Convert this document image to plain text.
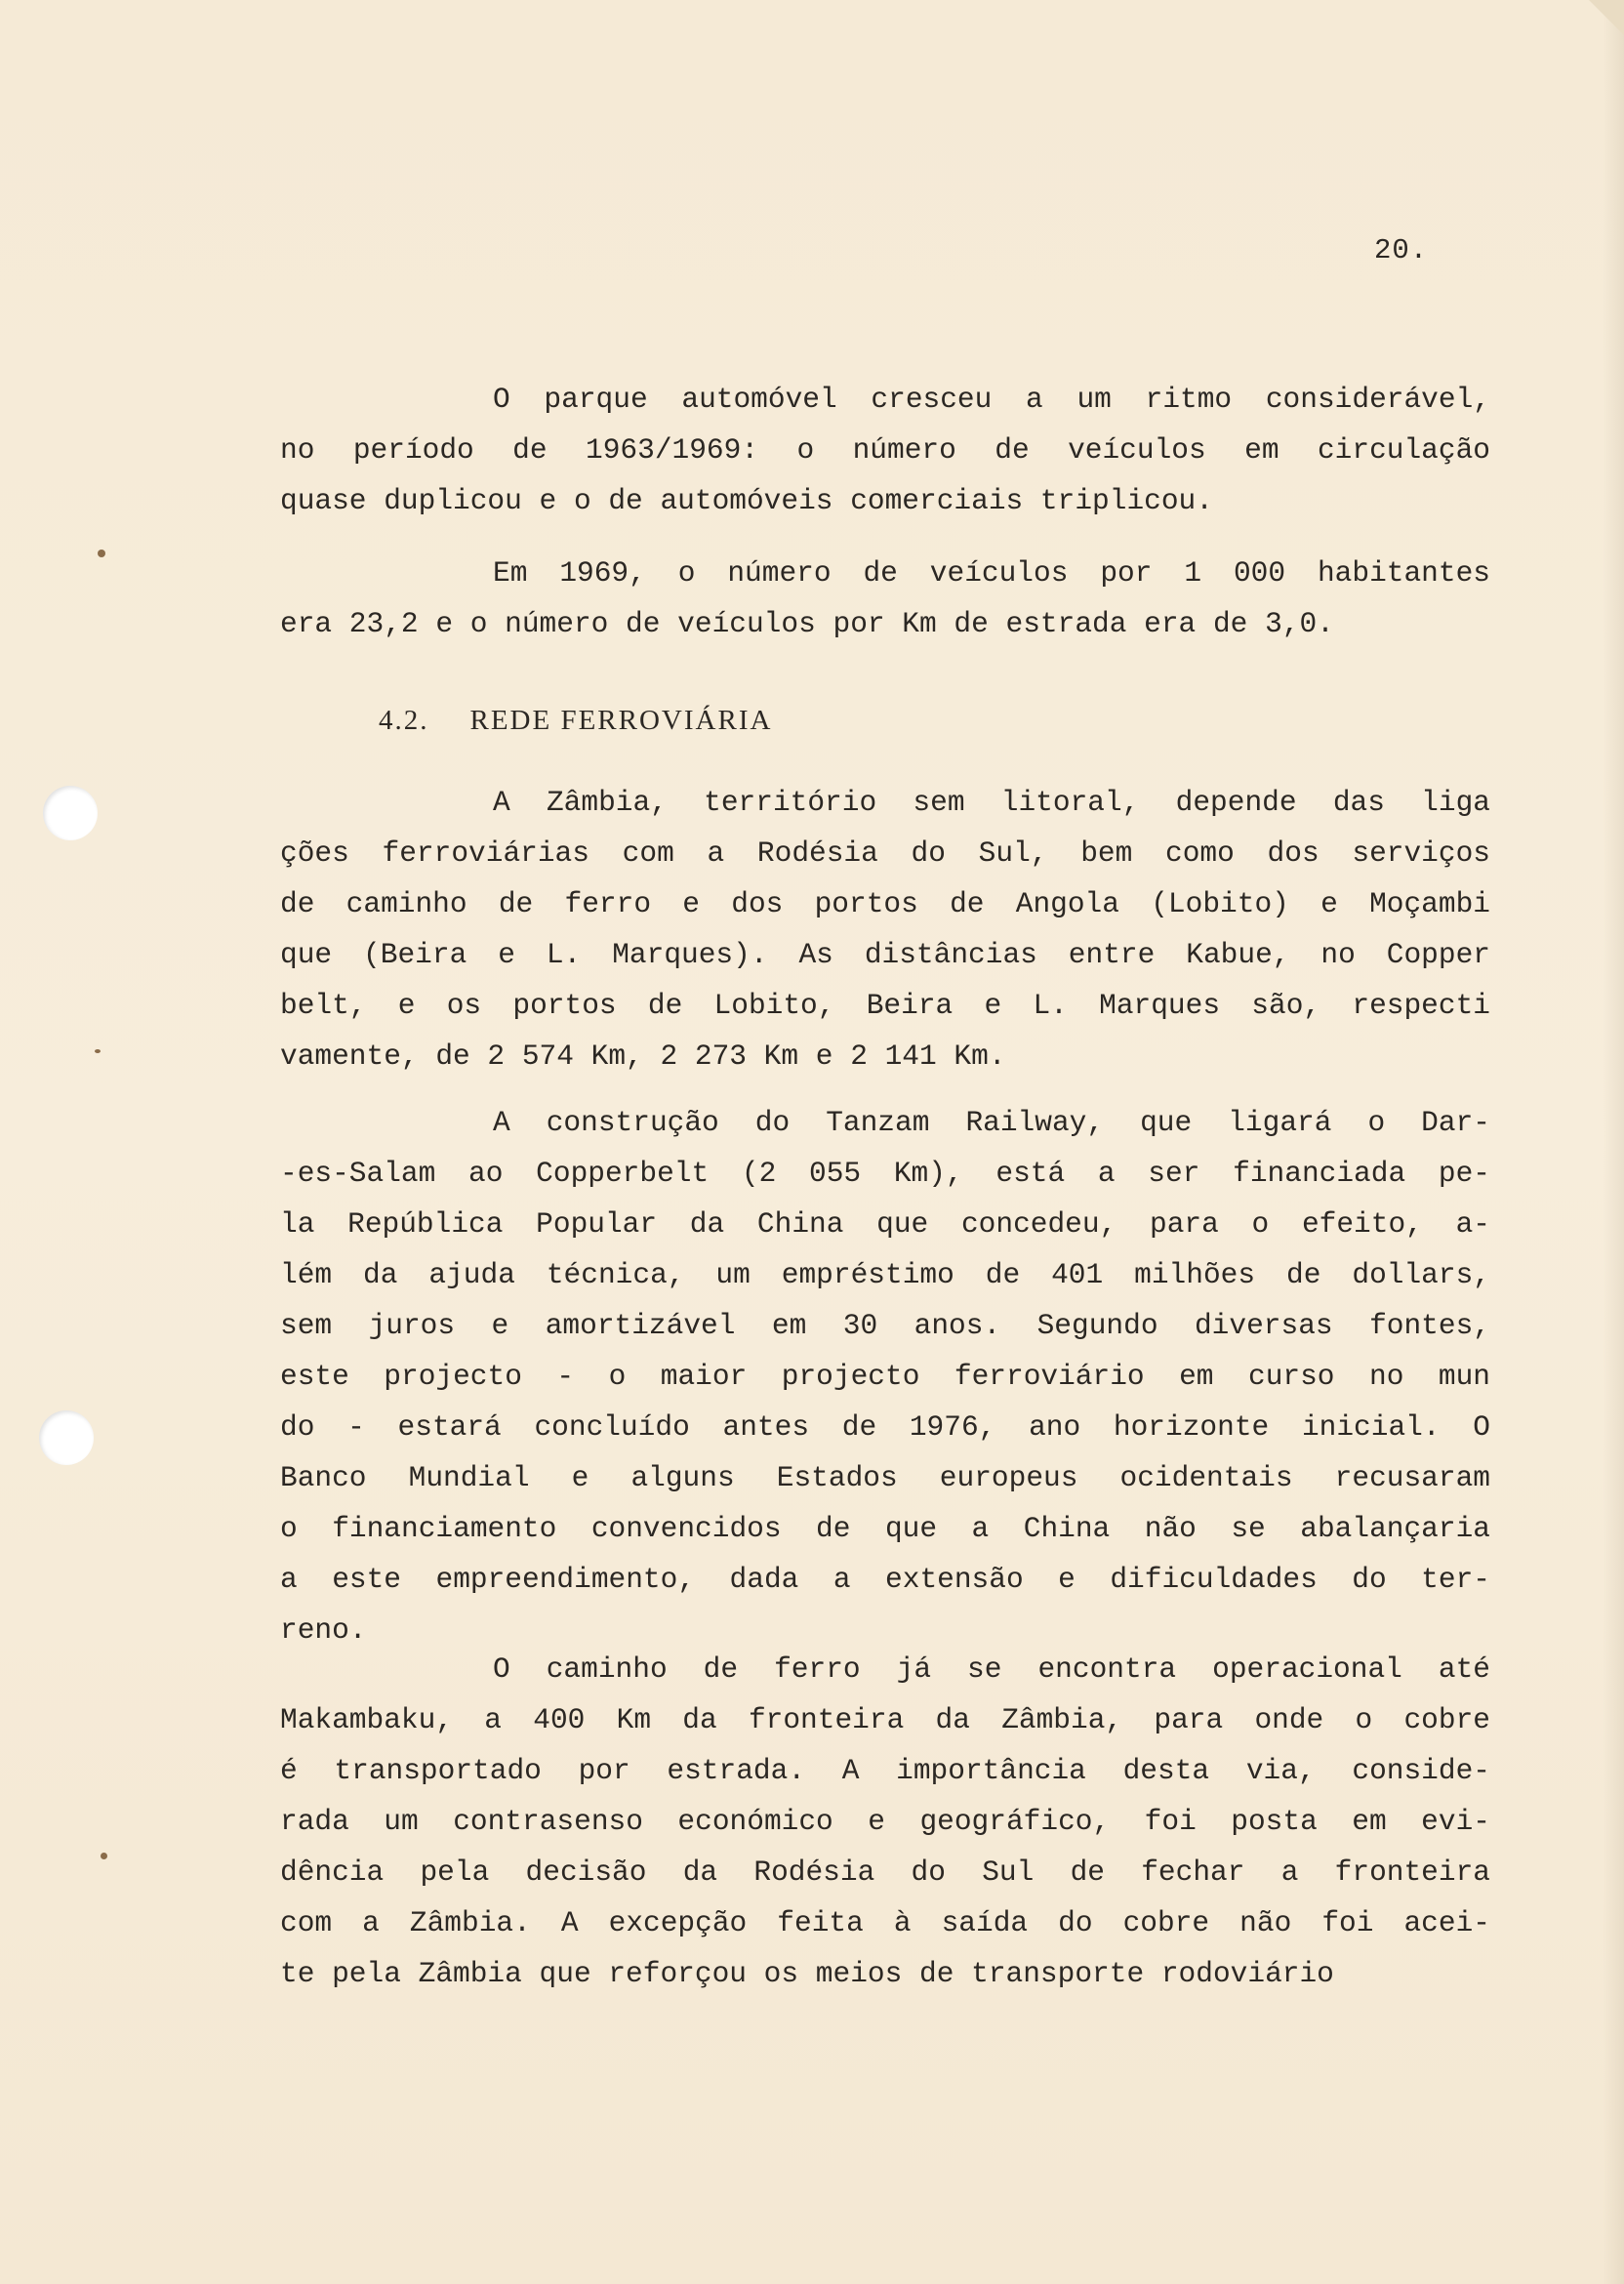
20.
O parque automóvel cresceu a um ritmo considerável,
no período de 1963/1969: o número de veículos em circulação
quase duplicou e o de automóveis comerciais triplicou.
Em 1969, o número de veículos por 1 000 habitantes
era 23,2 e o número de veículos por Km de estrada era de 3,0.
4.2. REDE FERROVIÁRIA
A Zâmbia, território sem litoral, depende das liga
ções ferroviárias com a Rodésia do Sul, bem como dos serviços
de caminho de ferro e dos portos de Angola (Lobito) e Moçambi
que (Beira e L. Marques). As distâncias entre Kabue, no Copper
belt, e os portos de Lobito, Beira e L. Marques são, respecti
vamente, de 2 574 Km, 2 273 Km e 2 141 Km.
A construção do Tanzam Railway, que ligará o Dar-
-es-Salam ao Copperbelt (2 055 Km), está a ser financiada pe-
la República Popular da China que concedeu, para o efeito, a-
lém da ajuda técnica, um empréstimo de 401 milhões de dollars,
sem juros e amortizável em 30 anos. Segundo diversas fontes,
este projecto - o maior projecto ferroviário em curso no mun
do - estará concluído antes de 1976, ano horizonte inicial. O
Banco Mundial e alguns Estados europeus ocidentais recusaram
o financiamento convencidos de que a China não se abalançaria
a este empreendimento, dada a extensão e dificuldades do ter-
reno.
O caminho de ferro já se encontra operacional até
Makambaku, a 400 Km da fronteira da Zâmbia, para onde o cobre
é transportado por estrada. A importância desta via, conside-
rada um contrasenso económico e geográfico, foi posta em evi-
dência pela decisão da Rodésia do Sul de fechar a fronteira
com a Zâmbia. A excepção feita à saída do cobre não foi acei-
te pela Zâmbia que reforçou os meios de transporte rodoviário
